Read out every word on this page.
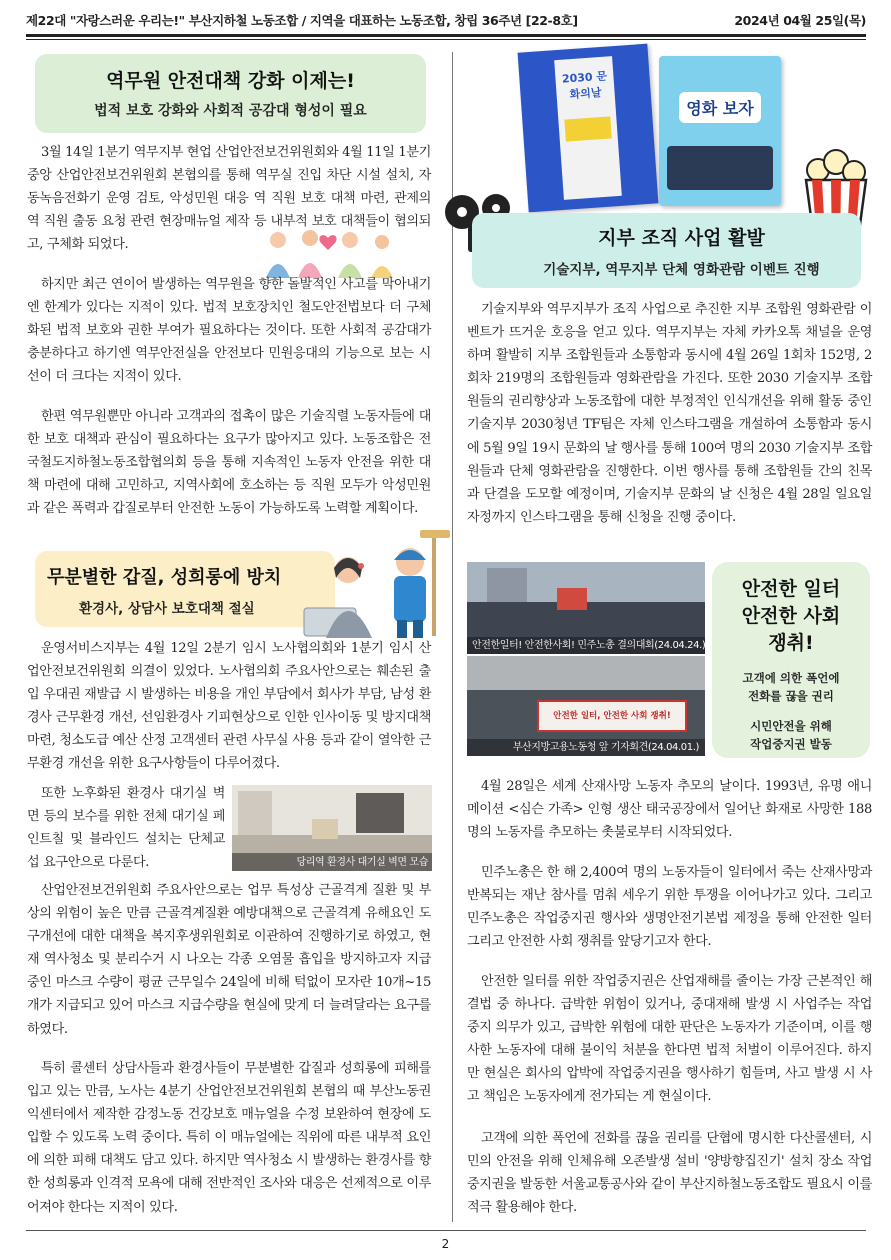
제22대 "자랑스러운 우리는!" 부산지하철 노동조합 / 지역을 대표하는 노동조합, 창립 36주년 [22-8호]	2024년 04월 25일(목)
역무원 안전대책 강화 이제는!
법적 보호 강화와 사회적 공감대 형성이 필요

3월 14일 1분기 역무지부 현업 산업안전보건위원회와 4월 11일 1분기 중앙 산업안전보건위원회 본협의를 통해 역무실 진입 차단 시설 설치, 자동녹음전화기 운영 검토, 악성민원 대응 역 직원 보호 대책 마련, 관제의 역 직원 출동 요청 관련 현장매뉴얼 제작 등 내부적 보호 대책들이 협의되고, 구체화 되었다.

하지만 최근 연이어 발생하는 역무원을 향한 돌발적인 사고를 막아내기엔 한계가 있다는 지적이 있다. 법적 보호장치인 철도안전법보다 더 구체화된 법적 보호와 권한 부여가 필요하다는 것이다. 또한 사회적 공감대가 충분하다고 하기엔 역무안전실을 안전보다 민원응대의 기능으로 보는 시선이 더 크다는 지적이 있다.

한편 역무원뿐만 아니라 고객과의 접촉이 많은 기술직렬 노동자들에 대한 보호 대책과 관심이 필요하다는 요구가 많아지고 있다. 노동조합은 전국철도지하철노동조합협의회 등을 통해 지속적인 노동자 안전을 위한 대책 마련에 대해 고민하고, 지역사회에 호소하는 등 직원 모두가 악성민원과 같은 폭력과 갑질로부터 안전한 노동이 가능하도록 노력할 계획이다.

무분별한 갑질, 성희롱에 방치
환경사, 상담사 보호대책 절실

운영서비스지부는 4월 12일 2분기 임시 노사협의회와 1분기 임시 산업안전보건위원회 의결이 있었다. 노사협의회 주요사안으로는 훼손된 출입 우대권 재발급 시 발생하는 비용을 개인 부담에서 회사가 부담, 남성 환경사 근무환경 개선, 선임환경사 기피현상으로 인한 인사이동 및 방지대책 마련, 청소도급 예산 산정 고객센터 관련 사무실 사용 등과 같이 열악한 근무환경 개선을 위한 요구사항들이 다루어졌다.

또한 노후화된 환경사 대기실 벽면 등의 보수를 위한 전체 대기실 페인트칠 및 블라인드 설치는 단체교섭 요구안으로 다룬다.	당리역 환경사 대기실 벽면 모습

산업안전보건위원회 주요사안으로는 업무 특성상 근골격계 질환 및 부상의 위험이 높은 만큼 근골격계질환 예방대책으로 근골격계 유해요인 도구개선에 대한 대책을 복지후생위원회로 이관하여 진행하기로 하였고, 현재 역사청소 및 분리수거 시 나오는 각종 오염물 흡입을 방지하고자 지급 중인 마스크 수량이 평균 근무일수 24일에 비해 턱없이 모자란 10개~15개가 지급되고 있어 마스크 지급수량을 현실에 맞게 더 늘려달라는 요구를 하였다.

특히 콜센터 상담사들과 환경사들이 무분별한 갑질과 성희롱에 피해를 입고 있는 만큼, 노사는 4분기 산업안전보건위원회 본협의 때 부산노동권익센터에서 제작한 감정노동 건강보호 매뉴얼을 수정 보완하여 현장에 도입할 수 있도록 노력 중이다. 특히 이 매뉴얼에는 직위에 따른 내부적 요인에 의한 피해 대책도 담고 있다. 하지만 역사청소 시 발생하는 환경사를 향한 성희롱과 인격적 모욕에 대해 전반적인 조사와 대응은 선제적으로 이루어져야 한다는 지적이 있다.

2030 문화의날
영화 보자
지부 조직 사업 활발
기술지부, 역무지부 단체 영화관람 이벤트 진행

기술지부와 역무지부가 조직 사업으로 추진한 지부 조합원 영화관람 이벤트가 뜨거운 호응을 얻고 있다. 역무지부는 자체 카카오톡 채널을 운영하며 활발히 지부 조합원들과 소통함과 동시에 4월 26일 1회차 152명, 2회차 219명의 조합원들과 영화관람을 가진다. 또한 2030 기술지부 조합원들의 권리향상과 노동조합에 대한 부정적인 인식개선을 위해 활동 중인 기술지부 2030청년 TF팀은 자체 인스타그램을 개설하여 소통함과 동시에 5월 9일 19시 문화의 날 행사를 통해 100여 명의 2030 기술지부 조합원들과 단체 영화관람을 진행한다. 이번 행사를 통해 조합원들 간의 친목과 단결을 도모할 예정이며, 기술지부 문화의 날 신청은 4월 28일 일요일 자정까지 인스타그램을 통해 신청을 진행 중이다.

안전한일터! 안전한사회! 민주노총 결의대회(24.04.24.)
안전한 일터, 안전한 사회 쟁취!
부산지방고용노동청 앞 기자회견(24.04.01.)
안전한 일터
안전한 사회
쟁취!
고객에 의한 폭언에
전화를 끊을 권리
시민안전을 위해
작업중지권 발동

4월 28일은 세계 산재사망 노동자 추모의 날이다. 1993년, 유명 애니메이션 <심슨 가족> 인형 생산 태국공장에서 일어난 화재로 사망한 188명의 노동자를 추모하는 촛불로부터 시작되었다.

민주노총은 한 해 2,400여 명의 노동자들이 일터에서 죽는 산재사망과 반복되는 재난 참사를 멈춰 세우기 위한 투쟁을 이어나가고 있다. 그리고 민주노총은 작업중지권 행사와 생명안전기본법 제정을 통해 안전한 일터 그리고 안전한 사회 쟁취를 앞당기고자 한다.

안전한 일터를 위한 작업중지권은 산업재해를 줄이는 가장 근본적인 해결법 중 하나다. 급박한 위험이 있거나, 중대재해 발생 시 사업주는 작업 중지 의무가 있고, 급박한 위험에 대한 판단은 노동자가 기준이며, 이를 행사한 노동자에 대해 불이익 처분을 한다면 법적 처벌이 이루어진다. 하지만 현실은 회사의 압박에 작업중지권을 행사하기 힘들며, 사고 발생 시 사고 책임은 노동자에게 전가되는 게 현실이다.

고객에 의한 폭언에 전화를 끊을 권리를 단협에 명시한 다산콜센터, 시민의 안전을 위해 인체유해 오존발생 설비 '양방향집진기' 설치 장소 작업중지권을 발동한 서울교통공사와 같이 부산지하철노동조합도 필요시 이를 적극 활용해야 한다.

2
